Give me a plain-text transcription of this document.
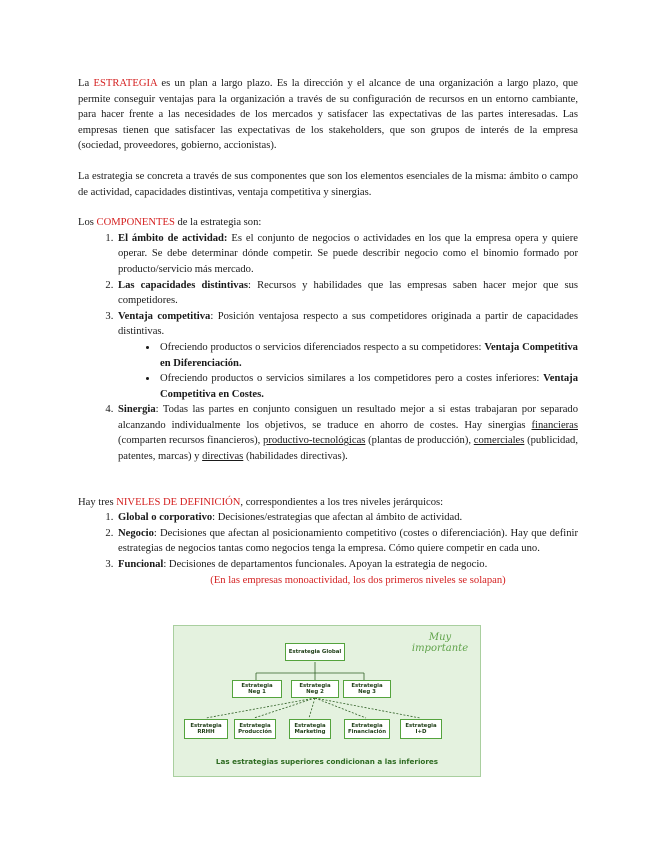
La ESTRATEGIA es un plan a largo plazo. Es la dirección y el alcance de una organización a largo plazo, que permite conseguir ventajas para la organización a través de su configuración de recursos en un entorno cambiante, para hacer frente a las necesidades de los mercados y satisfacer las expectativas de las partes interesadas. Las empresas tienen que satisfacer las expectativas de los stakeholders, que son grupos de interés de la empresa (sociedad, proveedores, gobierno, accionistas).

La estrategia se concreta a través de sus componentes que son los elementos esenciales de la misma: ámbito o campo de actividad, capacidades distintivas, ventaja competitiva y sinergias.

Los COMPONENTES de la estrategia son:

1. El ámbito de actividad: Es el conjunto de negocios o actividades en los que la empresa opera y quiere operar. Se debe determinar dónde competir. Se puede describir negocio como el binomio formado por producto/servicio más mercado.
2. Las capacidades distintivas: Recursos y habilidades que las empresas saben hacer mejor que sus competidores.
3. Ventaja competitiva: Posición ventajosa respecto a sus competidores originada a partir de capacidades distintivas.
• Ofreciendo productos o servicios diferenciados respecto a su competidores: Ventaja Competitiva en Diferenciación.
• Ofreciendo productos o servicios similares a los competidores pero a costes inferiores: Ventaja Competitiva en Costes.
4. Sinergia: Todas las partes en conjunto consiguen un resultado mejor a si estas trabajaran por separado alcanzando individualmente los objetivos, se traduce en ahorro de costes. Hay sinergias financieras (comparten recursos financieros), productivo-tecnológicas (plantas de producción), comerciales (publicidad, patentes, marcas) y directivas (habilidades directivas).

Hay tres NIVELES DE DEFINICIÓN, correspondientes a los tres niveles jerárquicos:

1. Global o corporativo: Decisiones/estrategias que afectan al ámbito de actividad.
2. Negocio: Decisiones que afectan al posicionamiento competitivo (costes o diferenciación). Hay que definir estrategias de negocios tantas como negocios tenga la empresa. Cómo quiere competir en cada uno.
3. Funcional: Decisiones de departamentos funcionales. Apoyan la estrategia de negocio.

(En las empresas monoactividad, los dos primeros niveles se solapan)

Muy importante
Estrategia Global
Estrategia
Neg 1
Estrategia
Neg 2
Estrategia
Neg 3
Estrategia
RRHH
Estrategia
Producción
Estrategia
Marketing
Estrategia
Financiación
Estrategia
I+D
Las estrategias superiores condicionan a las inferiores
